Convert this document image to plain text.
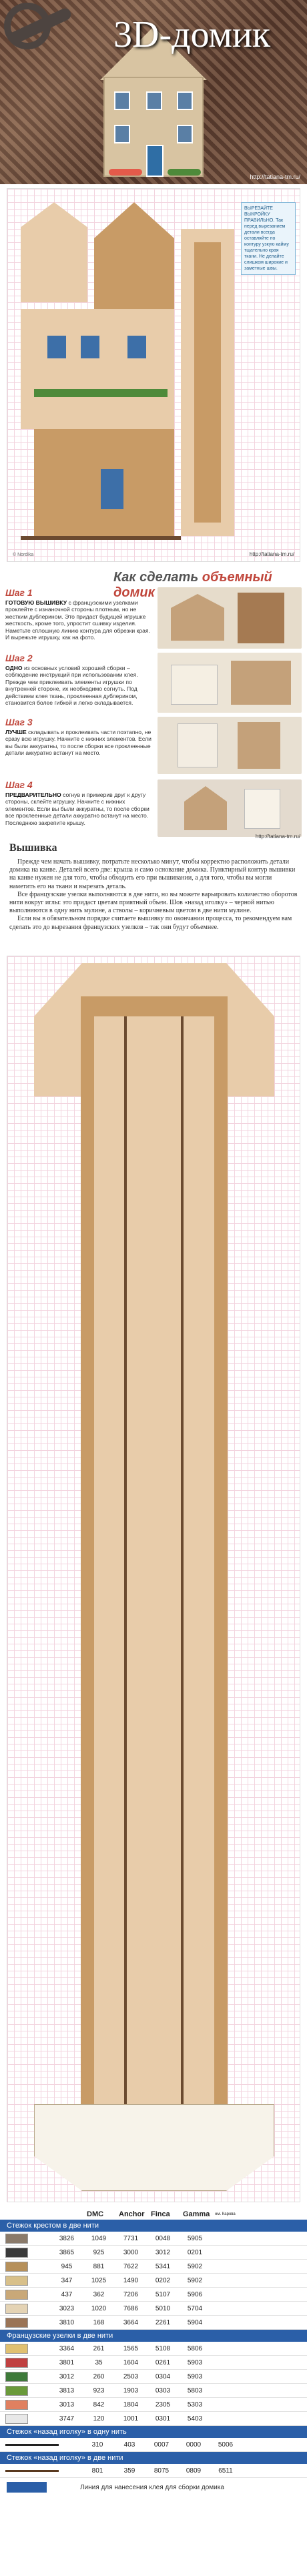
3D-домик
http://tatiana-tm.ru/
ВЫРЕЗАЙТЕ ВЫКРОЙКУ ПРАВИЛЬНО. Так перед вырезанием детали всегда оставляйте по контуру узкую кайму тщательно края ткани. Не делайте слишком широкие и заметные швы.
© Nordika	http://tatiana-tm.ru/
Как сделать объемный домик
Шаг 1
ГОТОВУЮ ВЫШИВКУ с французскими узелками проклейте с изнаночной стороны плотным, но не жестким дублерином. Это придаст будущей игрушке жесткость, кроме того, упростит сшивку изделия. Наметьте сплошную линию контура для обрезки края. И вырежьте игрушку, как на фото.
Шаг 2
ОДНО из основных условий хорошей сборки – соблюдение инструкций при использовании клея. Прежде чем приклеивать элементы игрушки по внутренней стороне, их необходимо согнуть. Под действием клея ткань, проклеенная дублерином, становится более гибкой и легко складывается.
Шаг 3
ЛУЧШЕ складывать и проклеивать части поэтапно, не сразу всю игрушку. Начните с нижних элементов. Если вы были аккуратны, то после сборки все проклеенные детали аккуратно встанут на место.
Шаг 4
ПРЕДВАРИТЕЛЬНО согнув и примерив друг к другу стороны, склейте игрушку. Начните с нижних элементов. Если вы были аккуратны, то после сборки все проклеенные детали аккуратно встанут на место. Последнюю закрепите крышу.
http://tatiana-tm.ru/
Вышивка

Прежде чем начать вышивку, потратьте несколько минут, чтобы корректно расположить детали домика на канве. Деталей всего две: крыша и само основание домика. Пунктирный контур вышивки на канве нужен не для того, чтобы обходить его при вышивании, а для того, чтобы вы могли наметить его на ткани и вырезать деталь.

Все французские узелки выполняются в две нити, но вы можете варьировать количество оборотов нити вокруг иглы: это придаст цветам приятный объем. Шов «назад иголку» – черной нитью выполняются в одну нить мулине, а стволы – коричневым цветом в две нити мулине.

Если вы в обязательном порядке считаете вышивку по окончании процесса, то рекомендуем вам сделать это до вырезания французских узелков – так они будут объемнее.

DMC	Anchor Finca	Gamma	нм. Карова
Стежок крестом в две нити
3826	1049	7731	0048	5905
3865	925	3000	3012	0201
945	881	7622	5341	5902
347	1025	1490	0202	5902
437	362	7206	5107	5906
3023	1020	7686	5010	5704
3810	168	3664	2261	5904
Французские узелки в две нити
3364	261	1565	5108	5806
3801	35	1604	0261	5903
3012	260	2503	0304	5903
3813	923	1903	0303	5803
3013	842	1804	2305	5303
3747	120	1001	0301	5403
Стежок «назад иголку» в одну нить
310	403	0007	0000	5006
Стежок «назад иголку» в две нити
801	359	8075	0809	6511
Линия для нанесения клея для сборки домика
